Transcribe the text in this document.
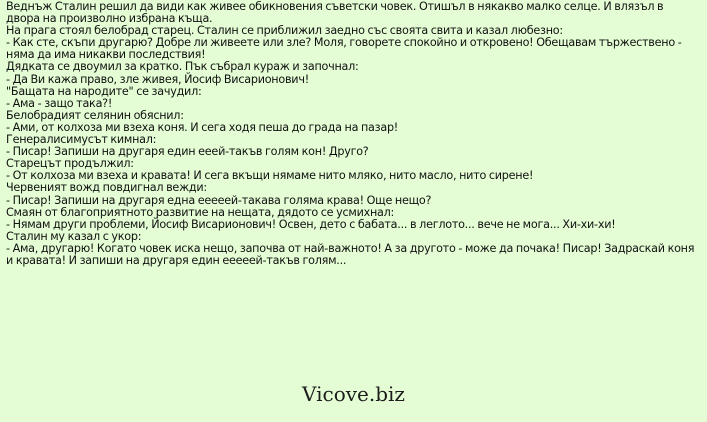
Веднъж Сталин решил да види как живее обикновения съветски човек. Отишъл в някакво малко селце. И влязъл в двора на произволно избрана къща.
На прага стоял белобрад старец. Сталин се приближил заедно със своята свита и казал любезно:
- Как сте, скъпи другарю? Добре ли живеете или зле? Моля, говорете спокойно и откровено! Обещавам тържествено - няма да има никакви последствия!
Дядката се двоумил за кратко. Пък събрал кураж и започнал:
- Да Ви кажа право, зле живея, Йосиф Висарионович!
"Бащата на народите" се зачудил:
- Ама - защо така?!
Белобрадият селянин обяснил:
- Ами, от колхоза ми взеха коня. И сега ходя пеша до града на пазар!
Генералисимусът кимнал:
- Писар! Запиши на другаря един ееей-такъв голям кон! Друго?
Старецът продължил:
- От колхоза ми взеха и кравата! И сега вкъщи нямаме нито мляко, нито масло, нито сирене!
Червеният вожд повдигнал вежди:
- Писар! Запиши на другаря една ееееей-такава голяма крава! Още нещо?
Смаян от благоприятното развитие на нещата, дядото се усмихнал:
- Нямам други проблеми, Йосиф Висарионович! Освен, дето с бабата... в леглото... вече не мога... Хи-хи-хи!
Сталин му казал с укор:
- Ама, другарю! Когато човек иска нещо, започва от най-важното! А за другото - може да почака! Писар! Задраскай коня и кравата! И запиши на другаря един ееееей-такъв голям...
Vicove.biz
